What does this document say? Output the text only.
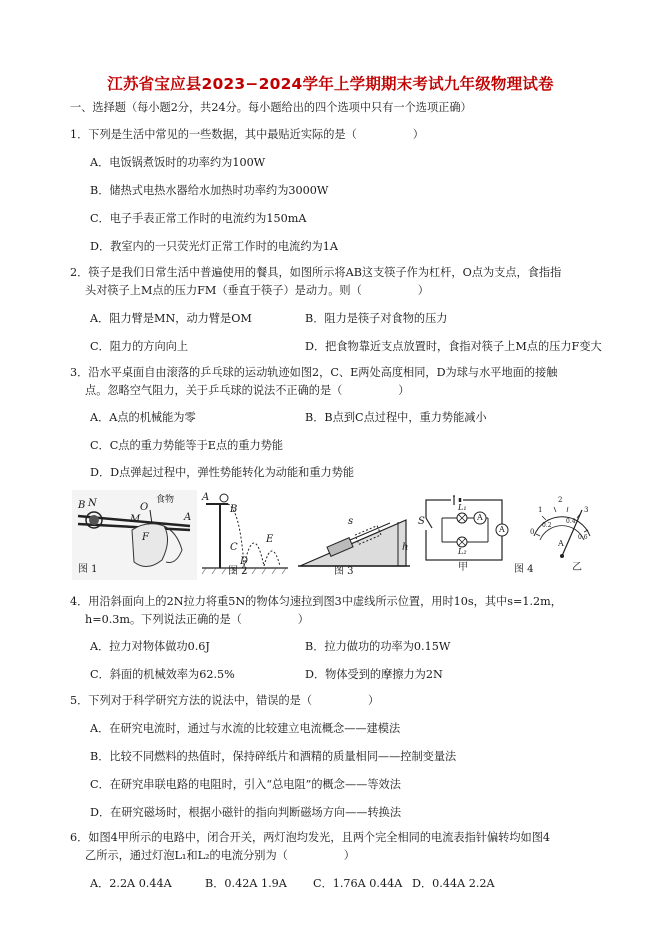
江苏省宝应县2023−2024学年上学期期末考试九年级物理试卷
一、选择题（每小题2分，共24分。每小题给出的四个选项中只有一个选项正确）
1．下列是生活中常见的一些数据，其中最贴近实际的是（　　　　　）
A．电饭锅煮饭时的功率约为100W
B．储热式电热水器给水加热时功率约为3000W
C．电子手表正常工作时的电流约为150mA
D．教室内的一只荧光灯正常工作时的电流约为1A
2．筷子是我们日常生活中普遍使用的餐具，如图所示将AB这支筷子作为杠杆，O点为支点，食指指
头对筷子上M点的压力FM（垂直于筷子）是动力。则（　　　　　）
A．阻力臂是MN，动力臂是OM	B．阻力是筷子对食物的压力
C．阻力的方向向上	D．把食物靠近支点放置时，食指对筷子上M点的压力F变大
3．沿水平桌面自由滚落的乒乓球的运动轨迹如图2，C、E两处高度相同，D为球与水平地面的接触
点。忽略空气阻力，关于乒乓球的说法不正确的是（　　　　　）
A．A点的机械能为零	B．B点到C点过程中，重力势能减小
C．C点的重力势能等于E点的重力势能
D．D点弹起过程中，弹性势能转化为动能和重力势能
B N	O
M
食物
A
F
图 1
A
B
C
D
E
图 2
s
h
图 3
S
L₁
L₂
A
A
甲	图 4
0
1
2
3
0.2
0.4
0.6
A
乙
4．用沿斜面向上的2N拉力将重5N的物体匀速拉到图3中虚线所示位置，用时10s，其中s=1.2m，
h=0.3m。下列说法正确的是（　　　　　）
A．拉力对物体做功0.6J	B．拉力做功的功率为0.15W
C．斜面的机械效率为62.5%	D．物体受到的摩擦力为2N
5．下列对于科学研究方法的说法中，错误的是（　　　　　）
A．在研究电流时，通过与水流的比较建立电流概念——建模法
B．比较不同燃料的热值时，保持碎纸片和酒精的质量相同——控制变量法
C．在研究串联电路的电阻时，引入“总电阻”的概念——等效法
D．在研究磁场时，根据小磁针的指向判断磁场方向——转换法
6．如图4甲所示的电路中，闭合开关，两灯泡均发光，且两个完全相同的电流表指针偏转均如图4
乙所示，通过灯泡L₁和L₂的电流分别为（　　　　　）
A．2.2A 0.44A	B．0.42A 1.9A C．1.76A 0.44A D．0.44A 2.2A
